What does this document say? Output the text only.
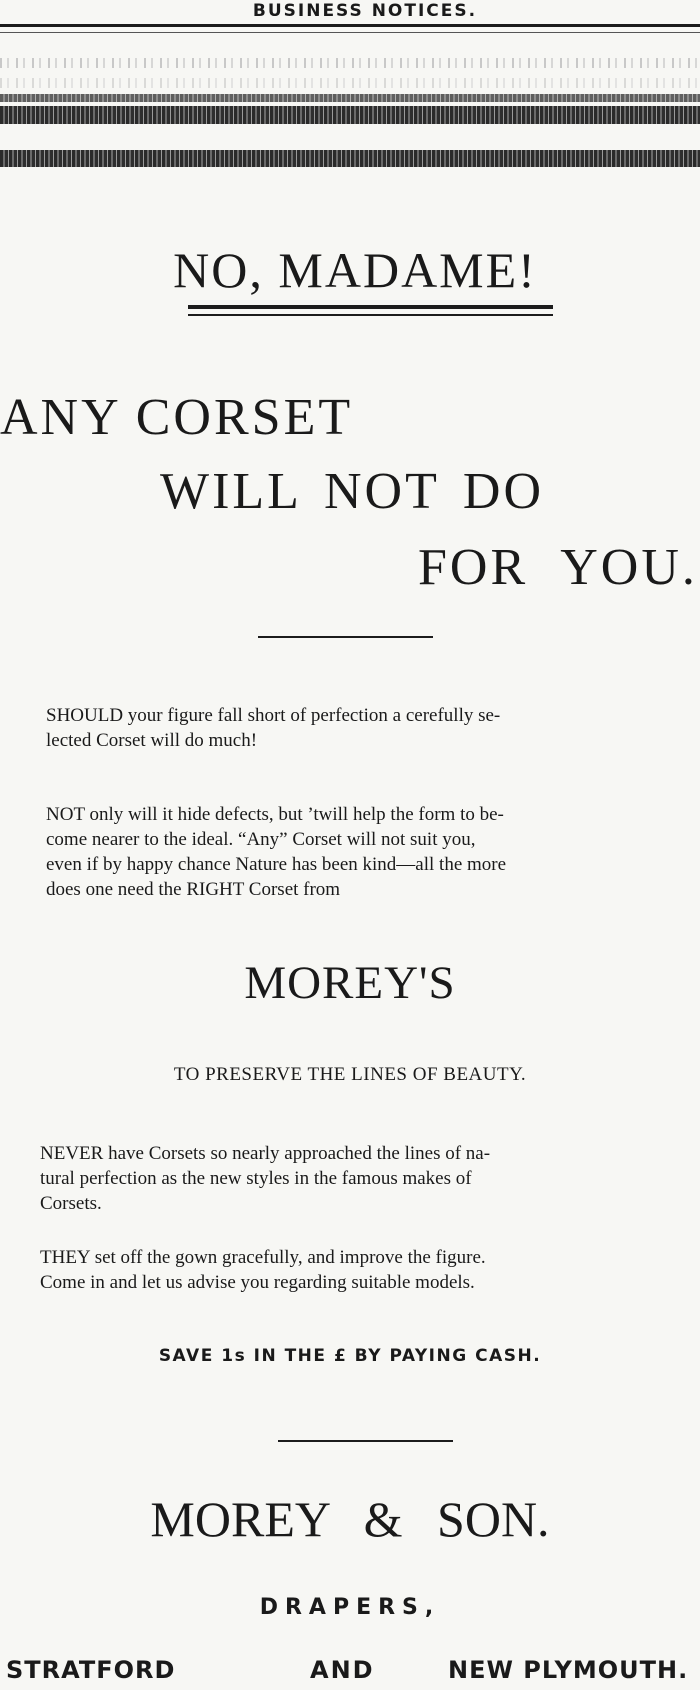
BUSINESS NOTICES.
NO, MADAME!
ANY CORSET
WILL NOT DO
FOR YOU.
SHOULD your figure fall short of perfection a cerefully se-
lected Corset will do much!
NOT only will it hide defects, but ’twill help the form to be-
come nearer to the ideal. “Any” Corset will not suit you,
even if by happy chance Nature has been kind—all the more
does one need the RIGHT Corset from
MOREY'S
TO PRESERVE THE LINES OF BEAUTY.
NEVER have Corsets so nearly approached the lines of na-
tural perfection as the new styles in the famous makes of
Corsets.
THEY set off the gown gracefully, and improve the figure.
Come in and let us advise you regarding suitable models.
SAVE 1s IN THE £ BY PAYING CASH.
MOREY & SON.
DRAPERS,
STRATFORD	AND	NEW PLYMOUTH.
